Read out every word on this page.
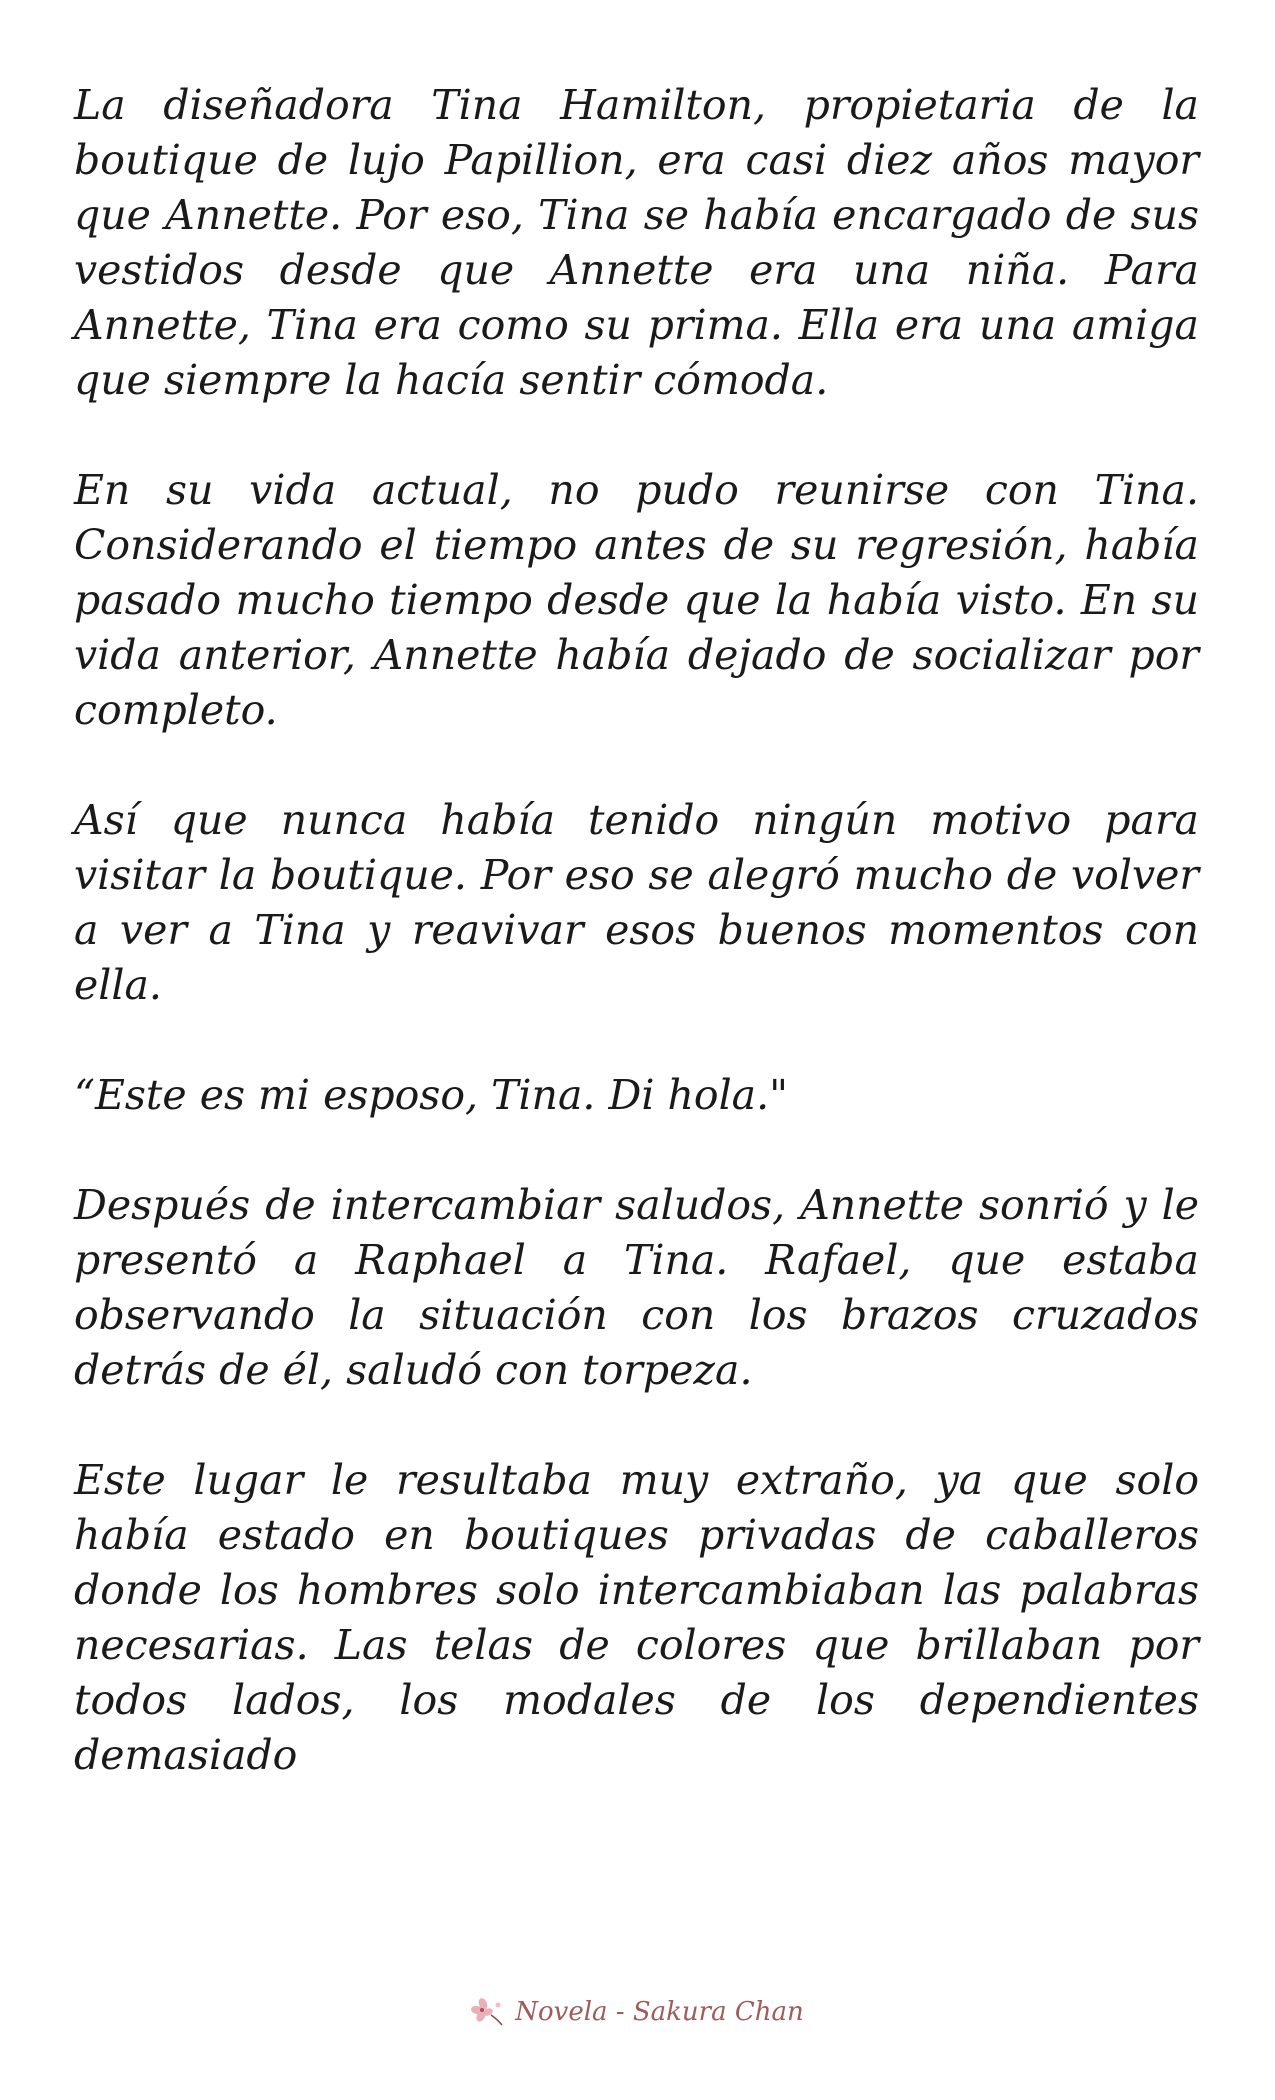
La diseñadora Tina Hamilton, propietaria de la boutique de lujo Papillion, era casi diez años mayor que Annette. Por eso, Tina se había encargado de sus vestidos desde que Annette era una niña. Para Annette, Tina era como su prima. Ella era una amiga que siempre la hacía sentir cómoda.

En su vida actual, no pudo reunirse con Tina. Considerando el tiempo antes de su regresión, había pasado mucho tiempo desde que la había visto. En su vida anterior, Annette había dejado de socializar por completo.

Así que nunca había tenido ningún motivo para visitar la boutique. Por eso se alegró mucho de volver a ver a Tina y reavivar esos buenos momentos con ella.

“Este es mi esposo, Tina. Di hola."

Después de intercambiar saludos, Annette sonrió y le presentó a Raphael a Tina. Rafael, que estaba observando la situación con los brazos cruzados detrás de él, saludó con torpeza.

Este lugar le resultaba muy extraño, ya que solo había estado en boutiques privadas de caballeros donde los hombres solo intercambiaban las palabras necesarias. Las telas de colores que brillaban por todos lados, los modales de los dependientes demasiado

Novela - Sakura Chan
